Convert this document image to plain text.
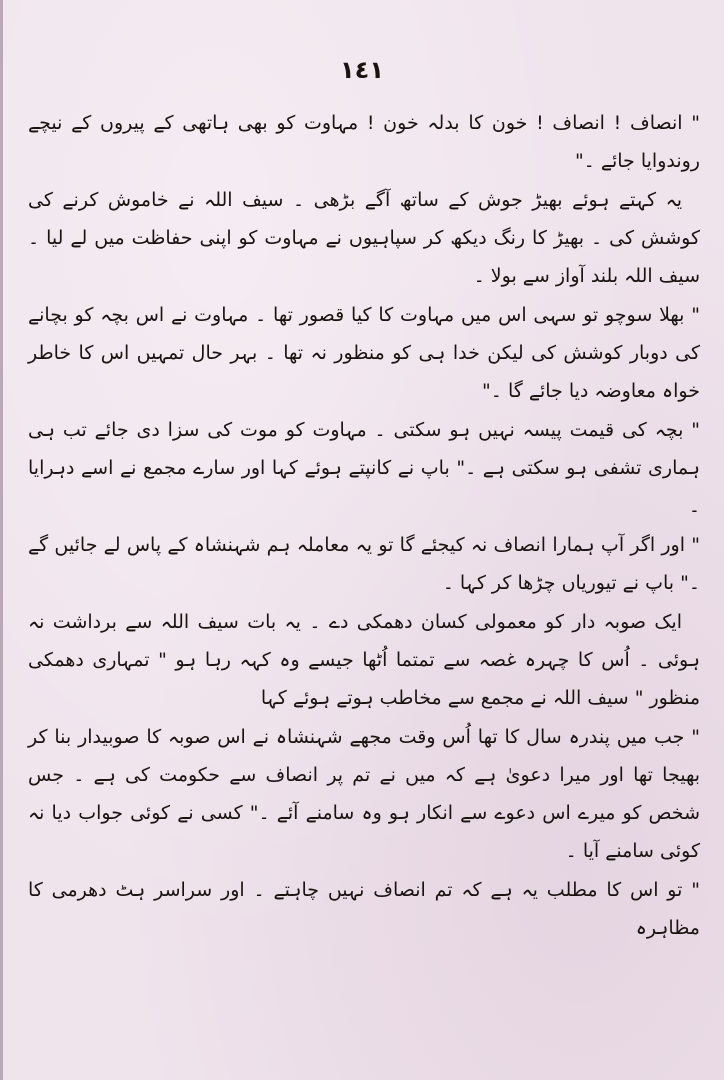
١٤١

" انصاف ! انصاف ! خون کا بدلہ خون ! مہاوت کو بھی ہاتھی کے پیروں کے نیچے روندوایا جائے ۔"

یہ کہتے ہوئے بھیڑ جوش کے ساتھ آگے بڑھی ۔ سیف اللہ نے خاموش کرنے کی کوشش کی ۔ بھیڑ کا رنگ دیکھ کر سپاہیوں نے مہاوت کو اپنی حفاظت میں لے لیا ۔ سیف اللہ بلند آواز سے بولا ۔

" بھلا سوچو تو سہی اس میں مہاوت کا کیا قصور تھا ۔ مہاوت نے اس بچہ کو بچانے کی دوبار کوشش کی لیکن خدا ہی کو منظور نہ تھا ۔ بہر حال تمہیں اس کا خاطر خواہ معاوضہ دیا جائے گا ۔"

" بچہ کی قیمت پیسہ نہیں ہو سکتی ۔ مہاوت کو موت کی سزا دی جائے تب ہی ہماری تشفی ہو سکتی ہے ۔" باپ نے کانپتے ہوئے کہا اور سارے مجمع نے اسے دہرایا ۔

" اور اگر آپ ہمارا انصاف نہ کیجئے گا تو یہ معاملہ ہم شہنشاہ کے پاس لے جائیں گے ۔" باپ نے تیوریاں چڑھا کر کہا ۔

ایک صوبہ دار کو معمولی کسان دھمکی دے ۔ یہ بات سیف اللہ سے برداشت نہ ہوئی ۔ اُس کا چہرہ غصہ سے تمتما اُٹھا جیسے وہ کہہ رہا ہو " تمہاری دھمکی منظور " سیف اللہ نے مجمع سے مخاطب ہوتے ہوئے کہا

" جب میں پندرہ سال کا تھا اُس وقت مجھے شہنشاہ نے اس صوبہ کا صوبیدار بنا کر بھیجا تھا اور میرا دعویٰ ہے کہ میں نے تم پر انصاف سے حکومت کی ہے ۔ جس شخص کو میرے اس دعوے سے انکار ہو وہ سامنے آئے ۔" کسی نے کوئی جواب دیا نہ کوئی سامنے آیا ۔

" تو اس کا مطلب یہ ہے کہ تم انصاف نہیں چاہتے ۔ اور سراسر ہٹ دھرمی کا مظاہرہ
